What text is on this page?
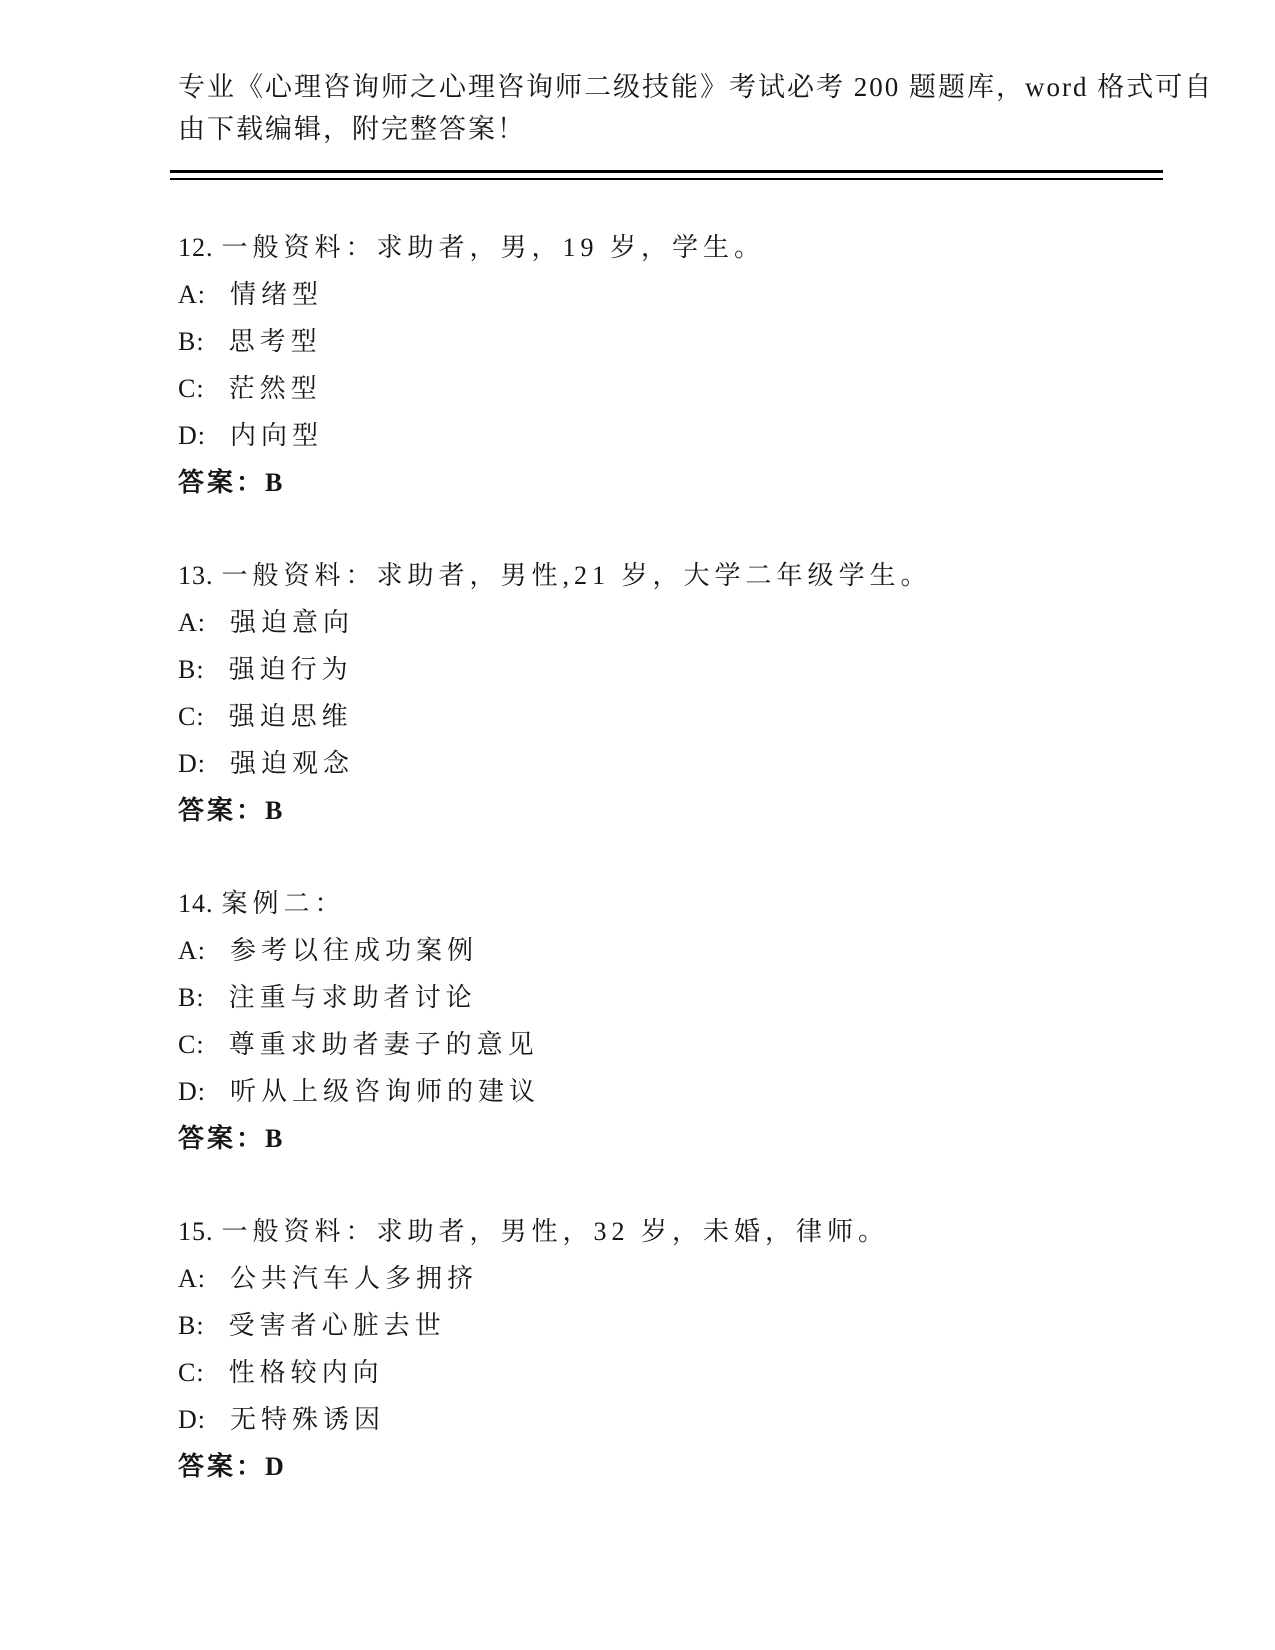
专业《心理咨询师之心理咨询师二级技能》考试必考 200 题题库，word 格式可自
由下载编辑，附完整答案！
12. 一般资料：求助者，男，19 岁，学生。
A: 情绪型
B: 思考型
C: 茫然型
D: 内向型
答案：B
13. 一般资料：求助者，男性,21 岁，大学二年级学生。
A: 强迫意向
B: 强迫行为
C: 强迫思维
D: 强迫观念
答案：B
14. 案例二：
A: 参考以往成功案例
B: 注重与求助者讨论
C: 尊重求助者妻子的意见
D: 听从上级咨询师的建议
答案：B
15. 一般资料：求助者，男性，32 岁，未婚，律师。
A: 公共汽车人多拥挤
B: 受害者心脏去世
C: 性格较内向
D: 无特殊诱因
答案：D
